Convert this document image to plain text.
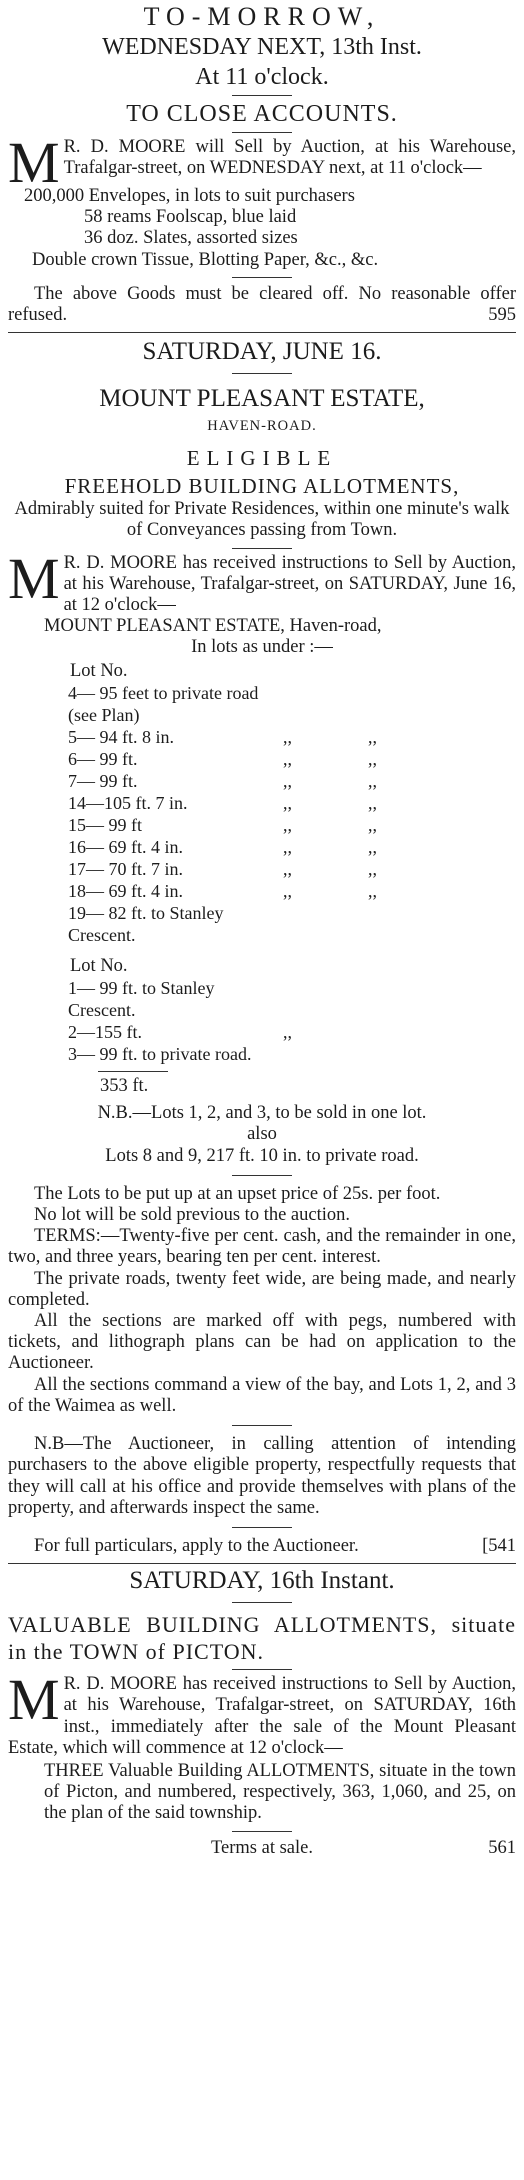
TO-MORROW,
WEDNESDAY NEXT, 13th Inst.
At 11 o'clock.
TO CLOSE ACCOUNTS.
M R. D. MOORE will Sell by Auction, at his Warehouse, Trafalgar-street, on WEDNESDAY next, at 11 o'clock—
200,000 Envelopes, in lots to suit purchasers
58 reams Foolscap, blue laid
36 doz. Slates, assorted sizes
Double crown Tissue, Blotting Paper, &c., &c.
The above Goods must be cleared off. No reasonable offer refused.	595
SATURDAY, JUNE 16.
MOUNT PLEASANT ESTATE,
HAVEN-ROAD.
ELIGIBLE
FREEHOLD BUILDING ALLOTMENTS,
Admirably suited for Private Residences, within one minute's walk of Conveyances passing from Town.
M R. D. MOORE has received instructions to Sell by Auction, at his Warehouse, Trafalgar-street, on SATURDAY, June 16, at 12 o'clock—
MOUNT PLEASANT ESTATE, Haven-road,
In lots as under :—
Lot No.
4— 95 feet to private road (see Plan)
5— 94 ft. 8 in.	,,	,,
6— 99 ft.	,,	,,
7— 99 ft.	,,	,,
14—105 ft. 7 in.	,,	,,
15— 99 ft	,,	,,
16— 69 ft. 4 in.	,,	,,
17— 70 ft. 7 in.	,,	,,
18— 69 ft. 4 in.	,,	,,
19— 82 ft. to Stanley Crescent.
Lot No.
1— 99 ft. to Stanley Crescent.
2—155 ft.	,,
3— 99 ft. to private road.
353 ft.
N.B.—Lots 1, 2, and 3, to be sold in one lot.
also
Lots 8 and 9, 217 ft. 10 in. to private road.
The Lots to be put up at an upset price of 25s. per foot.
No lot will be sold previous to the auction.
TERMS:—Twenty-five per cent. cash, and the remainder in one, two, and three years, bearing ten per cent. interest.
The private roads, twenty feet wide, are being made, and nearly completed.
All the sections are marked off with pegs, numbered with tickets, and lithograph plans can be had on application to the Auctioneer.
All the sections command a view of the bay, and Lots 1, 2, and 3 of the Waimea as well.
N.B—The Auctioneer, in calling attention of intending purchasers to the above eligible property, respectfully requests that they will call at his office and provide themselves with plans of the property, and afterwards inspect the same.
For full particulars, apply to the Auctioneer.	[541
SATURDAY, 16th Instant.
VALUABLE BUILDING ALLOTMENTS, situate in the TOWN of PICTON.
M R. D. MOORE has received instructions to Sell by Auction, at his Warehouse, Trafalgar-street, on SATURDAY, 16th inst., immediately after the sale of the Mount Pleasant Estate, which will commence at 12 o'clock—
THREE Valuable Building ALLOTMENTS, situate in the town of Picton, and numbered, respectively, 363, 1,060, and 25, on the plan of the said township.
Terms at sale.	561
